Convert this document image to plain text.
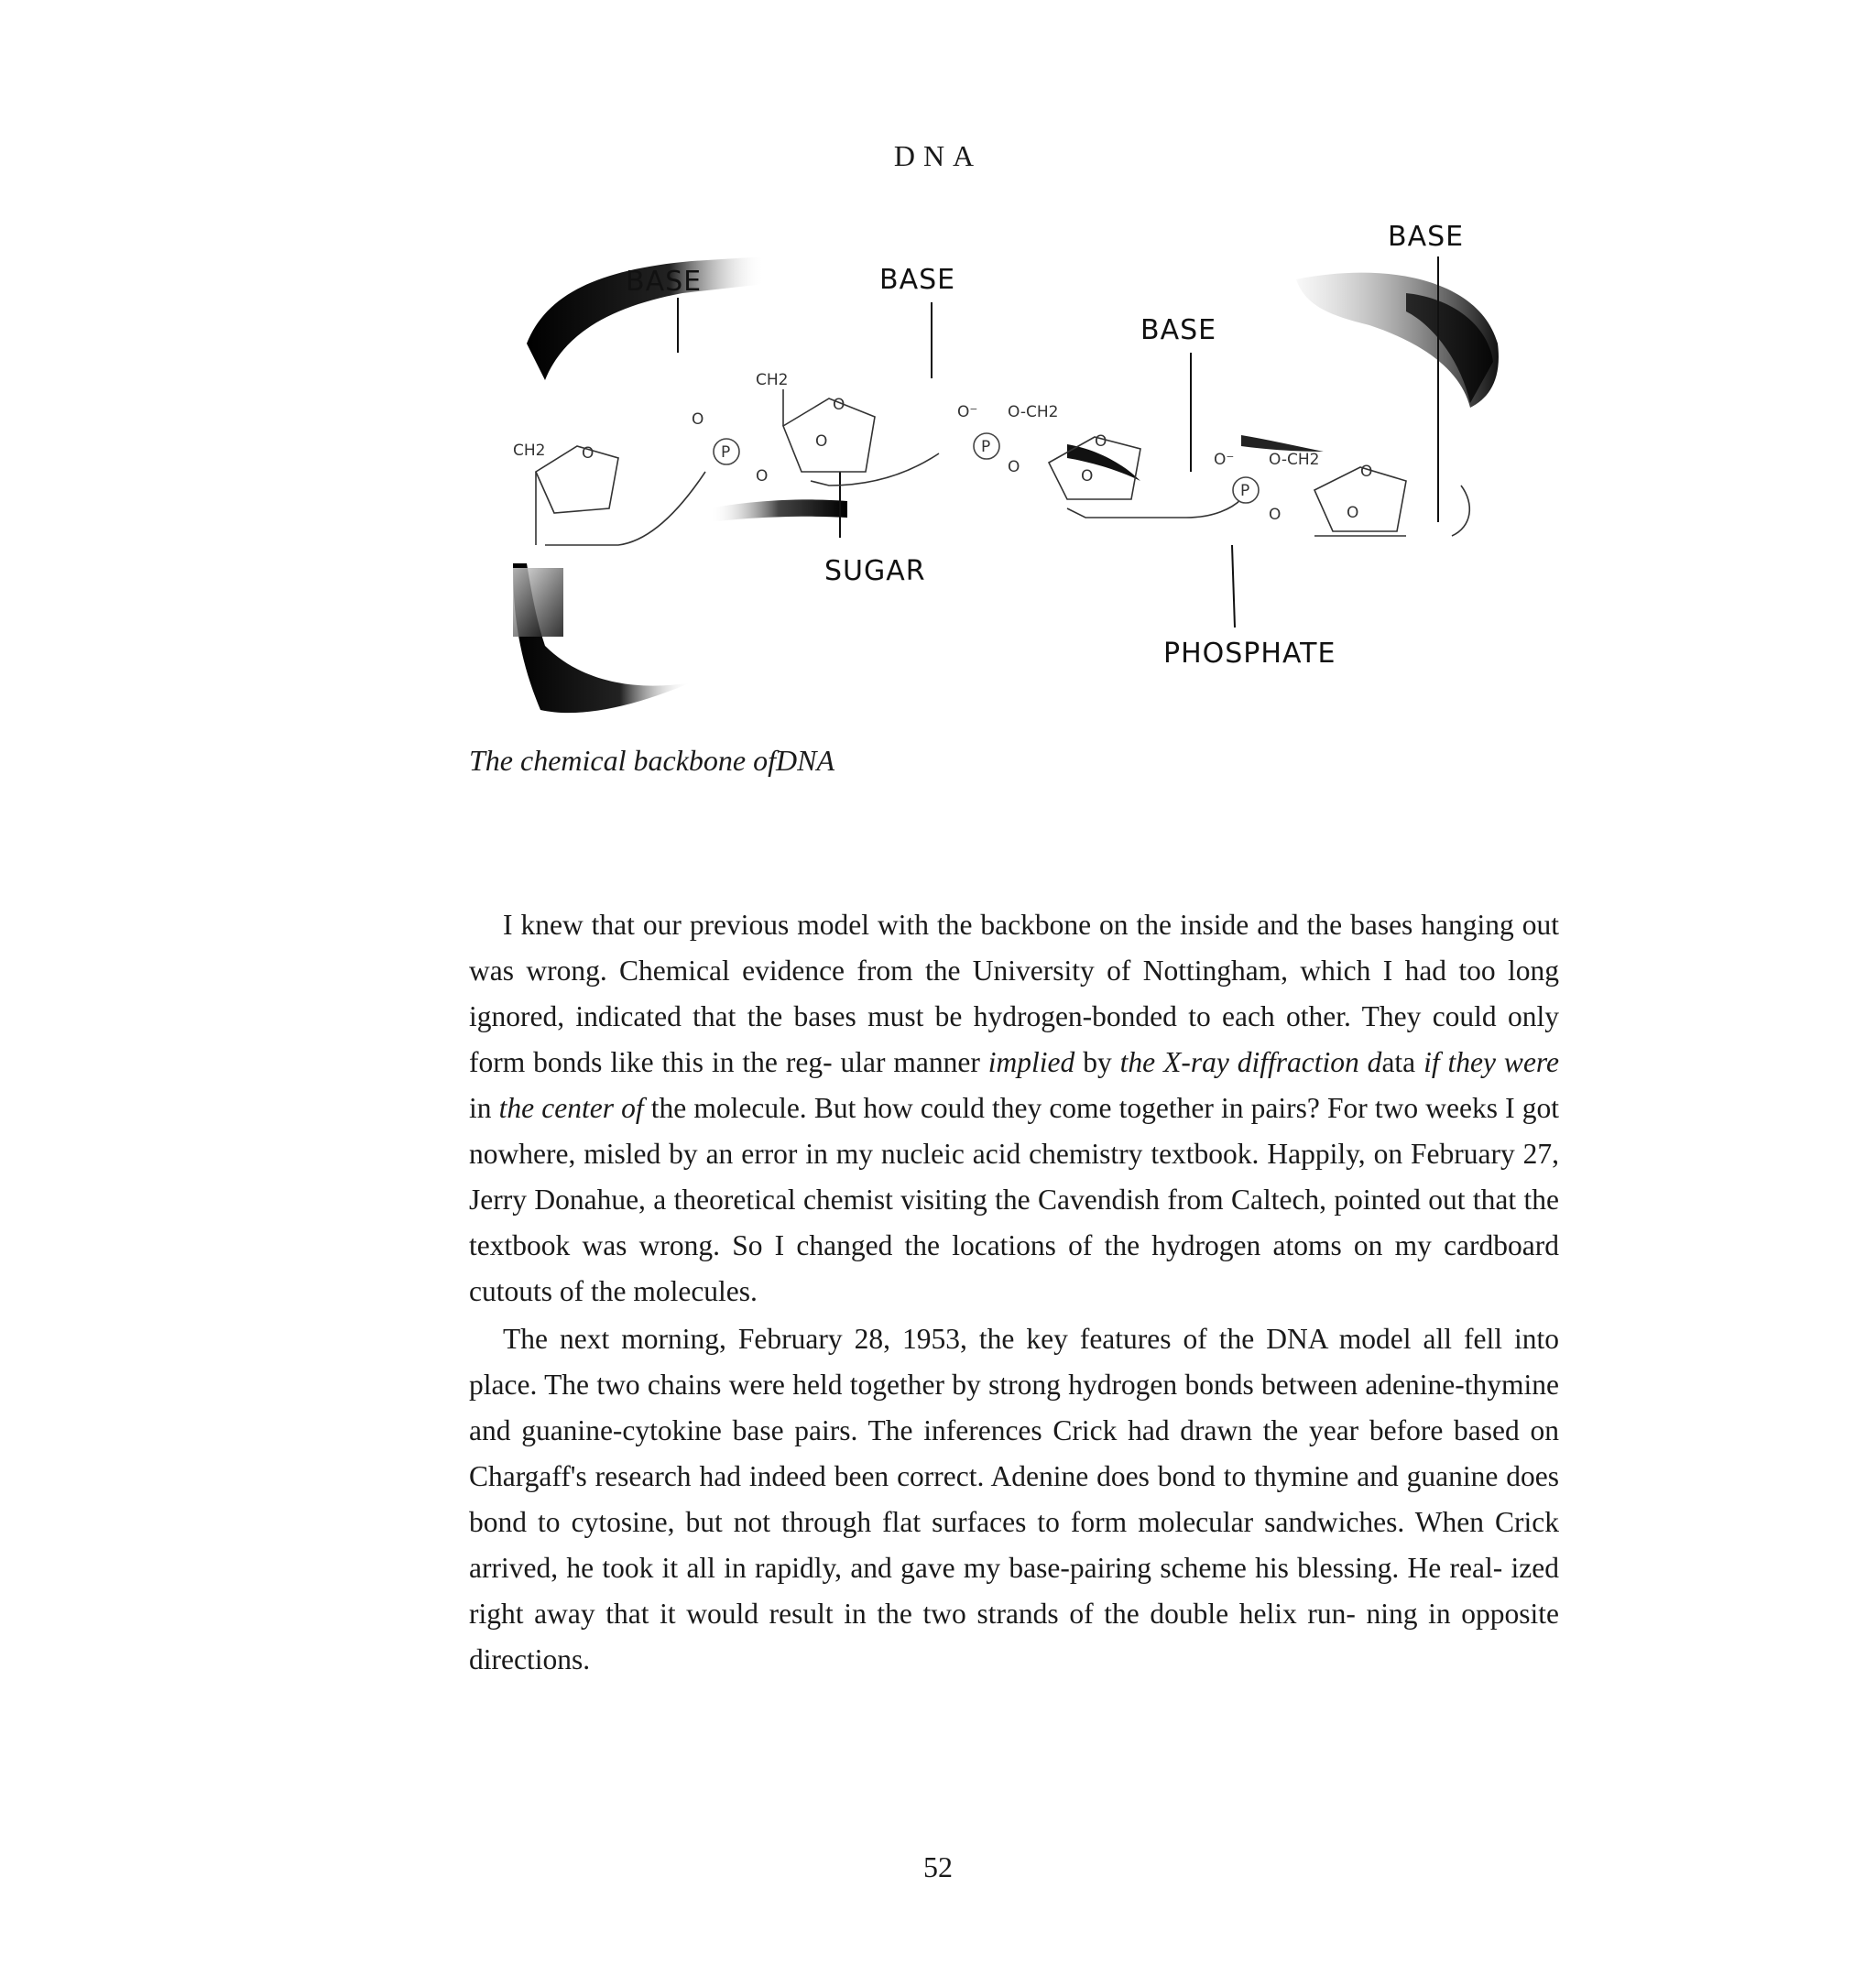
DNA
P	P
P
CH2
CH2
O-CH2
O-CH2
O⁻
O⁻
O
O
O
O	O
O	O
O
O	O
O
BASE	BASE
BASE
BASE
SUGAR
PHOSPHATE
The chemical backbone ofDNA

I knew that our previous model with the backbone on the inside and the bases hanging out was wrong. Chemical evidence from the University of Nottingham, which I had too long ignored, indicated that the bases must be hydrogen-bonded to each other. They could only form bonds like this in the reg- ular manner implied by the X-ray diffraction data if they were in the center of the molecule. But how could they come together in pairs? For two weeks I got nowhere, misled by an error in my nucleic acid chemistry textbook. Happily, on February 27, Jerry Donahue, a theoretical chemist visiting the Cavendish from Caltech, pointed out that the textbook was wrong. So I changed the locations of the hydrogen atoms on my cardboard cutouts of the molecules.

The next morning, February 28, 1953, the key features of the DNA model all fell into place. The two chains were held together by strong hydrogen bonds between adenine-thymine and guanine-cytokine base pairs. The inferences Crick had drawn the year before based on Chargaff's research had indeed been correct. Adenine does bond to thymine and guanine does bond to cytosine, but not through flat surfaces to form molecular sandwiches. When Crick arrived, he took it all in rapidly, and gave my base-pairing scheme his blessing. He real- ized right away that it would result in the two strands of the double helix run- ning in opposite directions.

52
